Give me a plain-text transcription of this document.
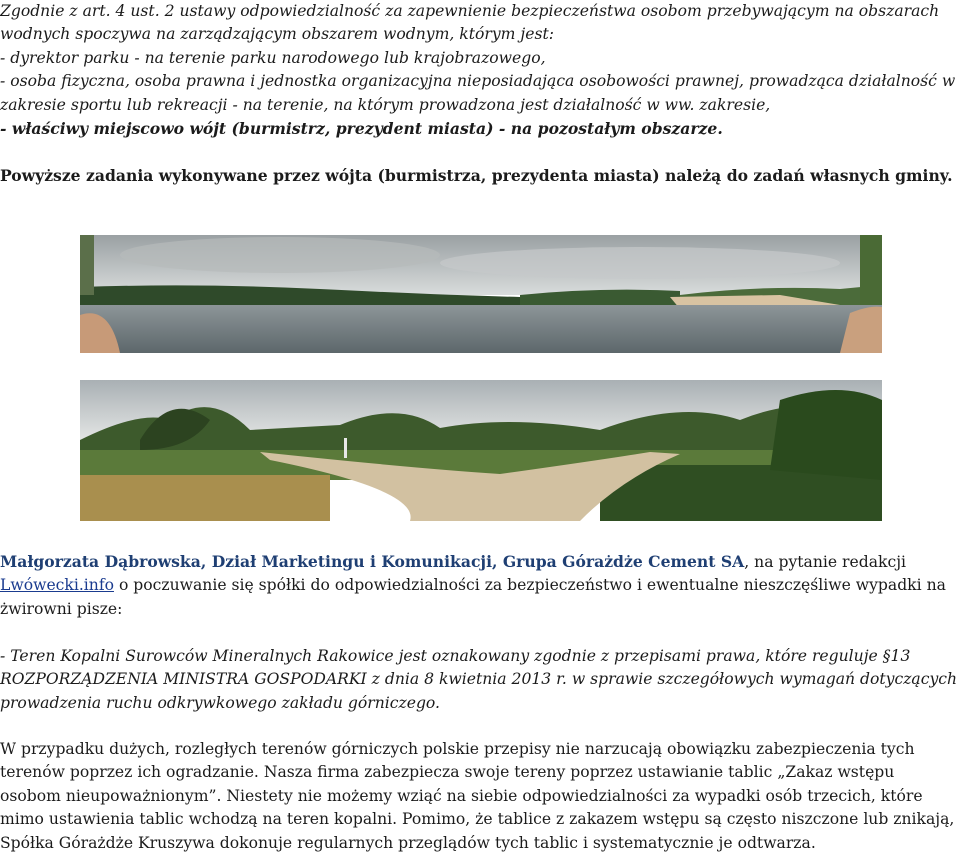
Zgodnie z art. 4 ust. 2 ustawy odpowiedzialność za zapewnienie bezpieczeństwa osobom przebywającym na obszarach wodnych spoczywa na zarządzającym obszarem wodnym, którym jest:

- dyrektor parku - na terenie parku narodowego lub krajobrazowego,

- osoba fizyczna, osoba prawna i jednostka organizacyjna nieposiadająca osobowości prawnej, prowadząca działalność w zakresie sportu lub rekreacji - na terenie, na którym prowadzona jest działalność w ww. zakresie,

- właściwy miejscowo wójt (burmistrz, prezydent miasta) - na pozostałym obszarze.

Powyższe zadania wykonywane przez wójta (burmistrza, prezydenta miasta) należą do zadań własnych gminy.

Małgorzata Dąbrowska, Dział Marketingu i Komunikacji, Grupa Górażdże Cement SA, na pytanie redakcji Lwówecki.info o poczuwanie się spółki do odpowiedzialności za bezpieczeństwo i ewentualne nieszczęśliwe wypadki na żwirowni pisze:

- Teren Kopalni Surowców Mineralnych Rakowice jest oznakowany zgodnie z przepisami prawa, które reguluje §13 ROZPORZĄDZENIA MINISTRA GOSPODARKI z dnia 8 kwietnia 2013 r. w sprawie szczegółowych wymagań dotyczących prowadzenia ruchu odkrywkowego zakładu górniczego.

W przypadku dużych, rozległych terenów górniczych polskie przepisy nie narzucają obowiązku zabezpieczenia tych terenów poprzez ich ogradzanie. Nasza firma zabezpiecza swoje tereny poprzez ustawianie tablic „Zakaz wstępu osobom nieupoważnionym”. Niestety nie możemy wziąć na siebie odpowiedzialności za wypadki osób trzecich, które mimo ustawienia tablic wchodzą na teren kopalni. Pomimo, że tablice z zakazem wstępu są często niszczone lub znikają, Spółka Górażdże Kruszywa dokonuje regularnych przeglądów tych tablic i systematycznie je odtwarza.
